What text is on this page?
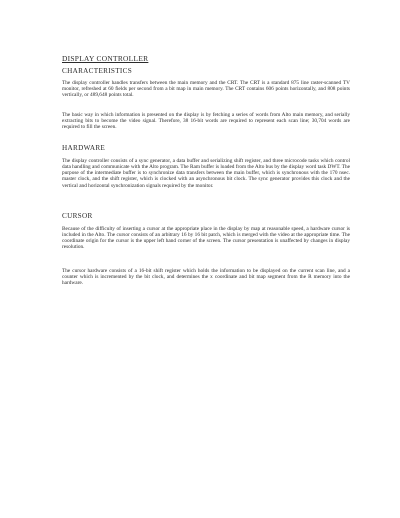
DISPLAY CONTROLLER
CHARACTERISTICS

The display controller handles transfers between the main memory and the CRT. The CRT is a standard 875 line raster-scanned TV monitor, refreshed at 60 fields per second from a bit map in main memory. The CRT contains 606 points horizontally, and 808 points vertically, or 489,648 points total.

The basic way in which information is presented on the display is by fetching a series of words from Alto main memory, and serially extracting bits to become the video signal. Therefore, 38 16-bit words are required to represent each scan line; 30,704 words are required to fill the screen.

HARDWARE

The display controller consists of a sync generator, a data buffer and serializing shift register, and three microcode tasks which control data handling and communicate with the Alto program. The Ram buffer is loaded from the Alto bus by the display word task DWT. The purpose of the intermediate buffer is to synchronize data transfers between the main buffer, which is synchronous with the 170 nsec. master clock, and the shift register, which is clocked with an asynchronous bit clock. The sync generator provides this clock and the vertical and horizontal synchronization signals required by the monitor.

CURSOR

Because of the difficulty of inserting a cursor at the appropriate place in the display by map at reasonable speed, a hardware cursor is included in the Alto. The cursor consists of an arbitrary 16 by 16 bit patch, which is merged with the video at the appropriate time. The coordinate origin for the cursor is the upper left hand corner of the screen. The cursor presentation is unaffected by changes in display resolution.

The cursor hardware consists of a 16-bit shift register which holds the information to be displayed on the current scan line, and a counter which is incremented by the bit clock, and determines the x coordinate and bit map segment from the R memory into the hardware.
